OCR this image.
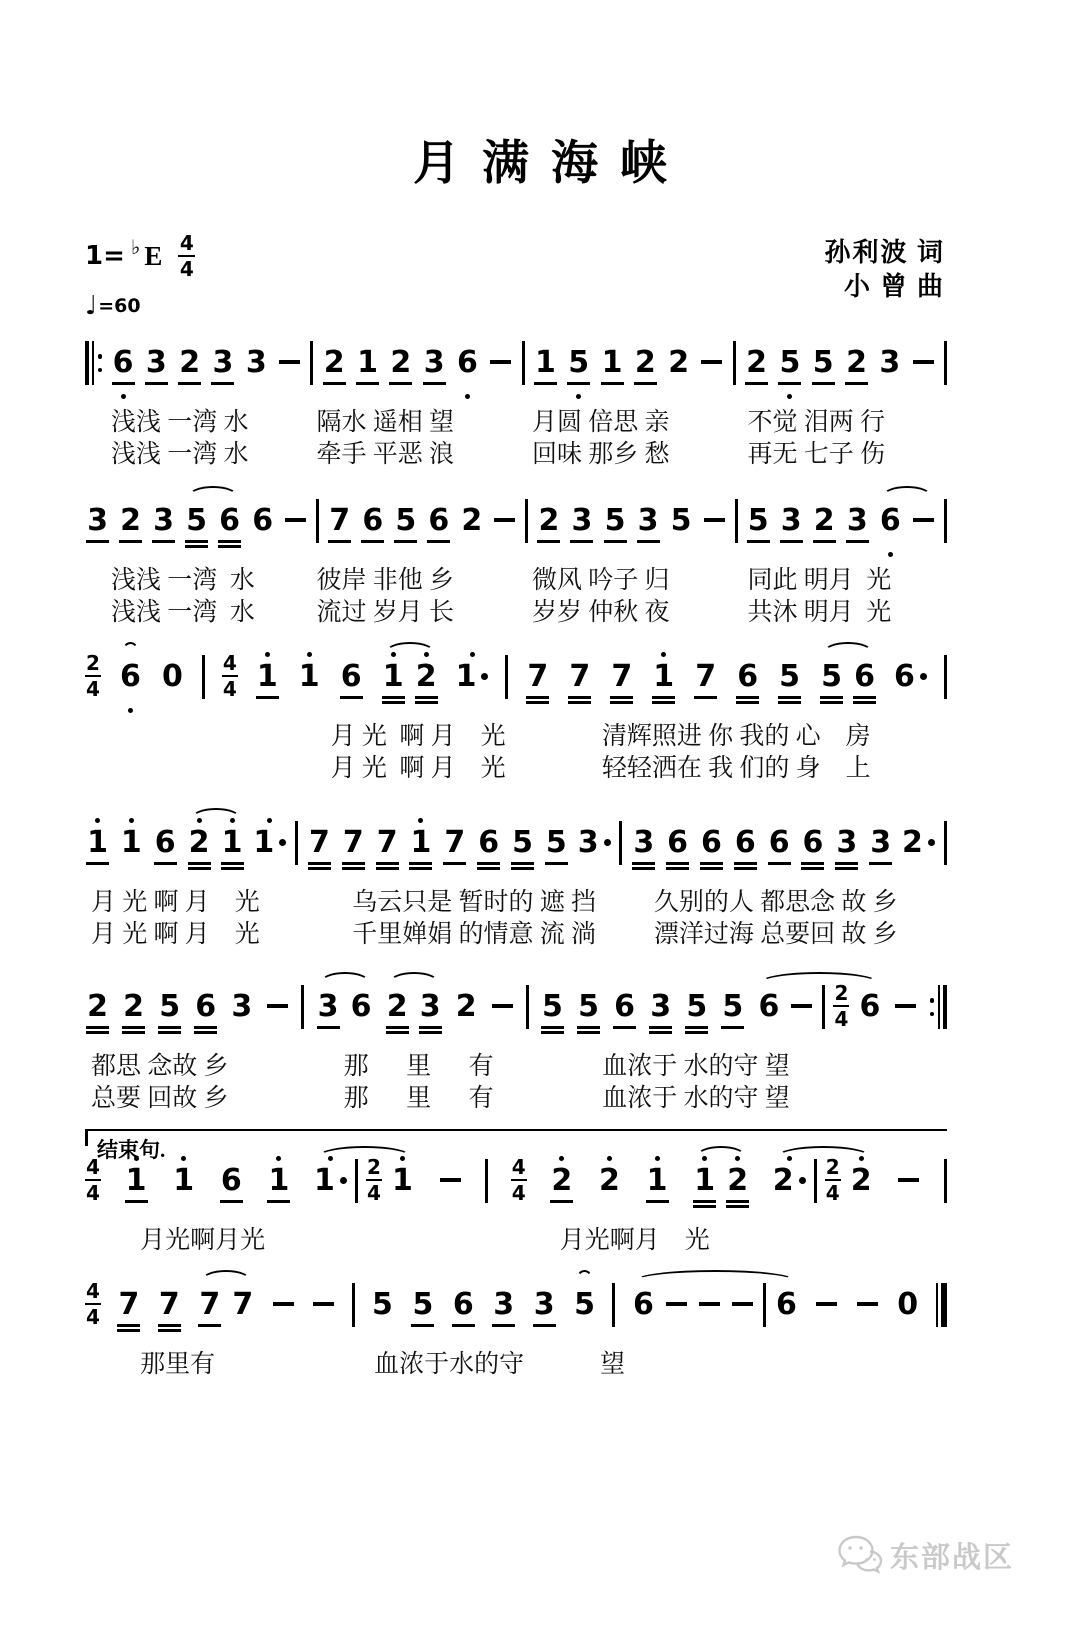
月满海峡
1= ♭ E $\frac{4}{4}$
♩ =60
孙利波 词
小 曾 曲
6 3 2 3 3 2 1 2 3 6 1 5 1 2 2 2 5 5 2 3
浅浅 一湾 水	隔水 遥相 望	月圆 倍思 亲	不觉 泪两 行
浅浅 一湾 水	牵手 平恶 浪	回味 那乡 愁	再无 七子 伤
3 2 3 5 6 6 7 6 5 6 2 2 3 5 3 5 5 3 2 3 6
浅浅 一湾  水	彼岸 非他 乡	微风 吟子 归	同此 明月  光
浅浅 一湾  水	流过 岁月 长	岁岁 仲秋 夜	共沐 明月  光
2
4 6 0 4
4 1 1 6 1 2 1 7 7 7 1 7 6 5 5 6 6
月 光  啊 月    光	清辉照进 你 我的 心    房
月 光  啊 月    光	轻轻洒在 我 们的 身    上
1 1 6 2 1 1 7 7 7 1 7 6 5 5 3 3 6 6 6 6 6 3 3 2
月 光 啊 月    光	乌云只是 暂时的 遮 挡	久别的人 都思念 故 乡
月 光 啊 月    光	千里婵娟 的情意 流 淌	漂洋过海 总要回 故 乡
2 2 5 6 3 3 6 2 3 2 5 5 6 3 5 5 6	2
4 6
都思 念故 乡	那      里      有	血浓于 水的守 望
总要 回故 乡	那      里      有	血浓于 水的守 望
4
4 1 1 6 1 1 2
4 1	4
4 2 2 1 1 2 2 2
4 2
月光啊月光	月光啊月    光
4
4 7 7 7 7	5 5 6 3 3 5 6	6	0
那里有	血浓于水的守	望
结束句.
东部战区
